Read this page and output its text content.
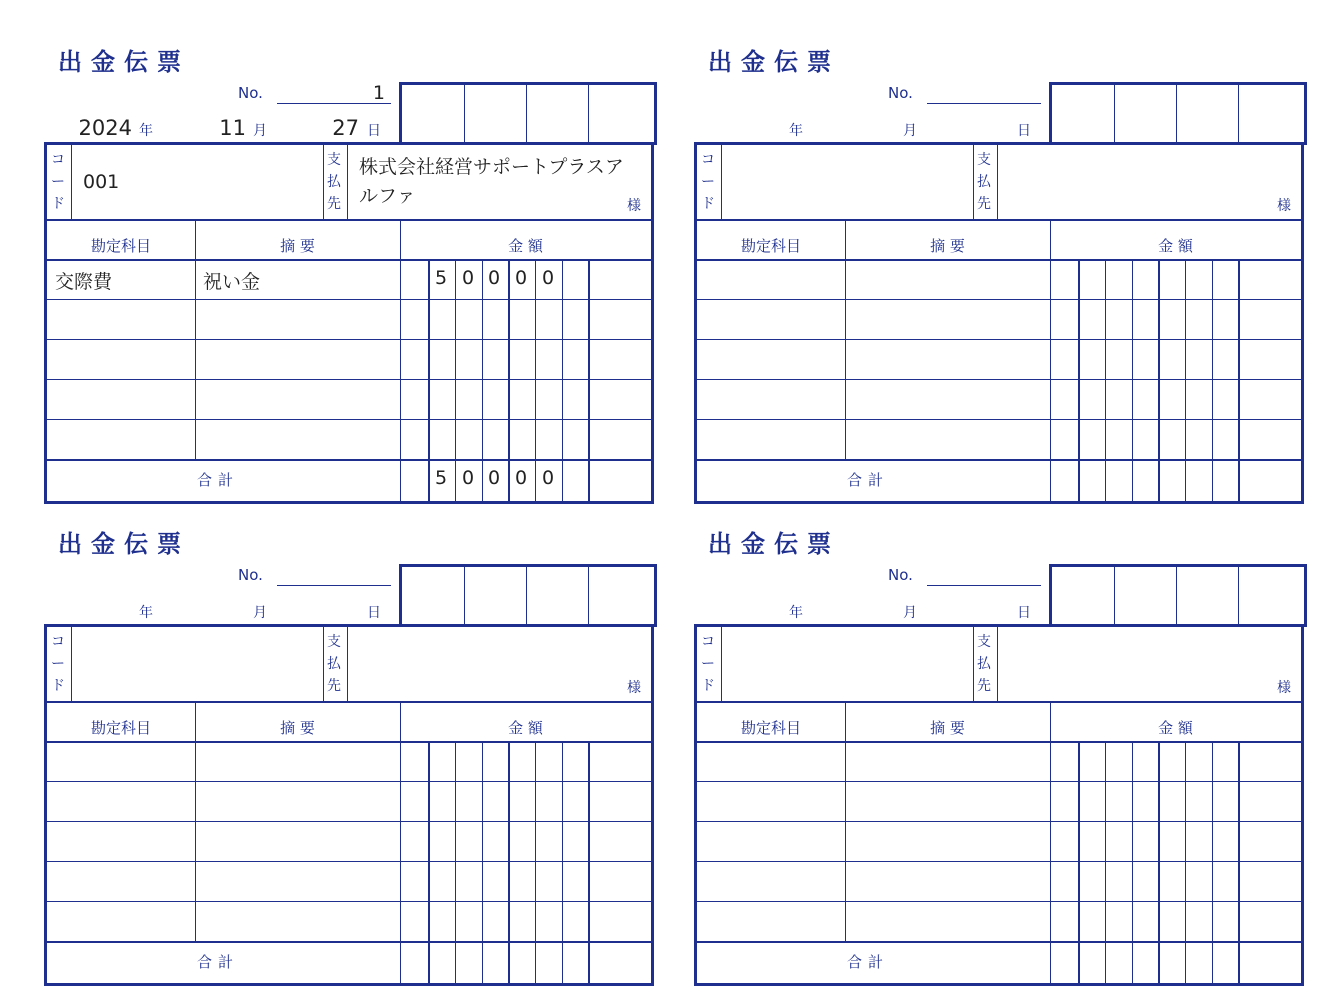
出金伝票
No.	1
2024 年	11 月	27 日
コ
ー
ド
001
支
払
先
株式会社経営サポートプラスアルファ	様
勘定科目	摘 要	金 額
交際費	祝い金	5 0 0 0 0
合計	5 0 0 0 0
出金伝票
No.
年	月	日
コ
ー
ド
支
払
先	様
勘定科目	摘 要	金 額
合計
出金伝票
No.
年	月	日
コ
ー
ド
支
払
先	様
勘定科目	摘 要	金 額
合計
出金伝票
No.
年	月	日
コ
ー
ド
支
払
先	様
勘定科目	摘 要	金 額
合計
